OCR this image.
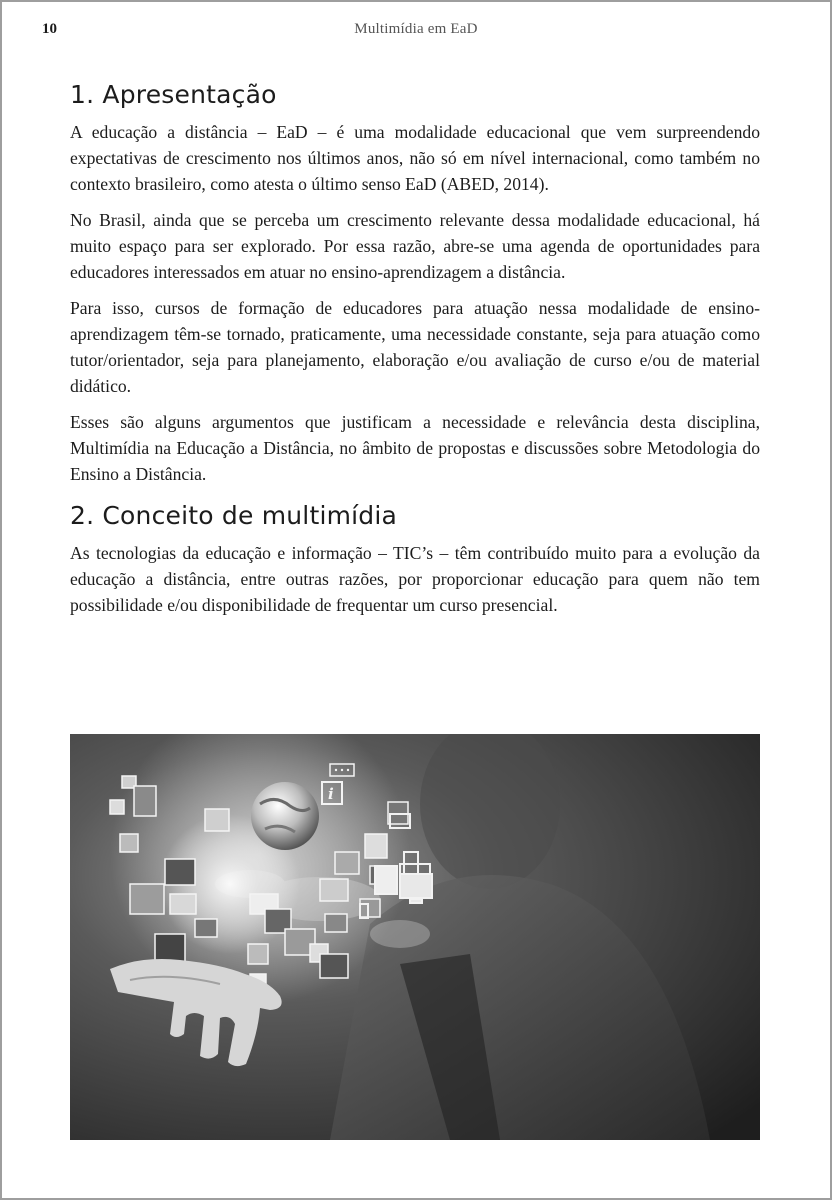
10	Multimídia em EaD
1. Apresentação

A educação a distância – EaD – é uma modalidade educacional que vem surpreendendo expectativas de crescimento nos últimos anos, não só em nível internacional, como também no contexto brasileiro, como atesta o último senso EaD (ABED, 2014).

No Brasil, ainda que se perceba um crescimento relevante dessa modalidade educacional, há muito espaço para ser explorado. Por essa razão, abre-se uma agenda de oportunidades para educadores interessados em atuar no ensino-aprendizagem a distância.

Para isso, cursos de formação de educadores para atuação nessa modalidade de ensino-aprendizagem têm-se tornado, praticamente, uma necessidade constante, seja para atuação como tutor/orientador, seja para planejamento, elaboração e/ou avaliação de curso e/ou de material didático.

Esses são alguns argumentos que justificam a necessidade e relevância desta disciplina, Multimídia na Educação a Distância, no âmbito de propostas e discussões sobre Metodologia do Ensino a Distância.

2. Conceito de multimídia

As tecnologias da educação e informação – TIC’s – têm contribuído muito para a evolução da educação a distância, entre outras razões, por proporcionar educação para quem não tem possibilidade e/ou disponibilidade de frequentar um curso presencial.

i
